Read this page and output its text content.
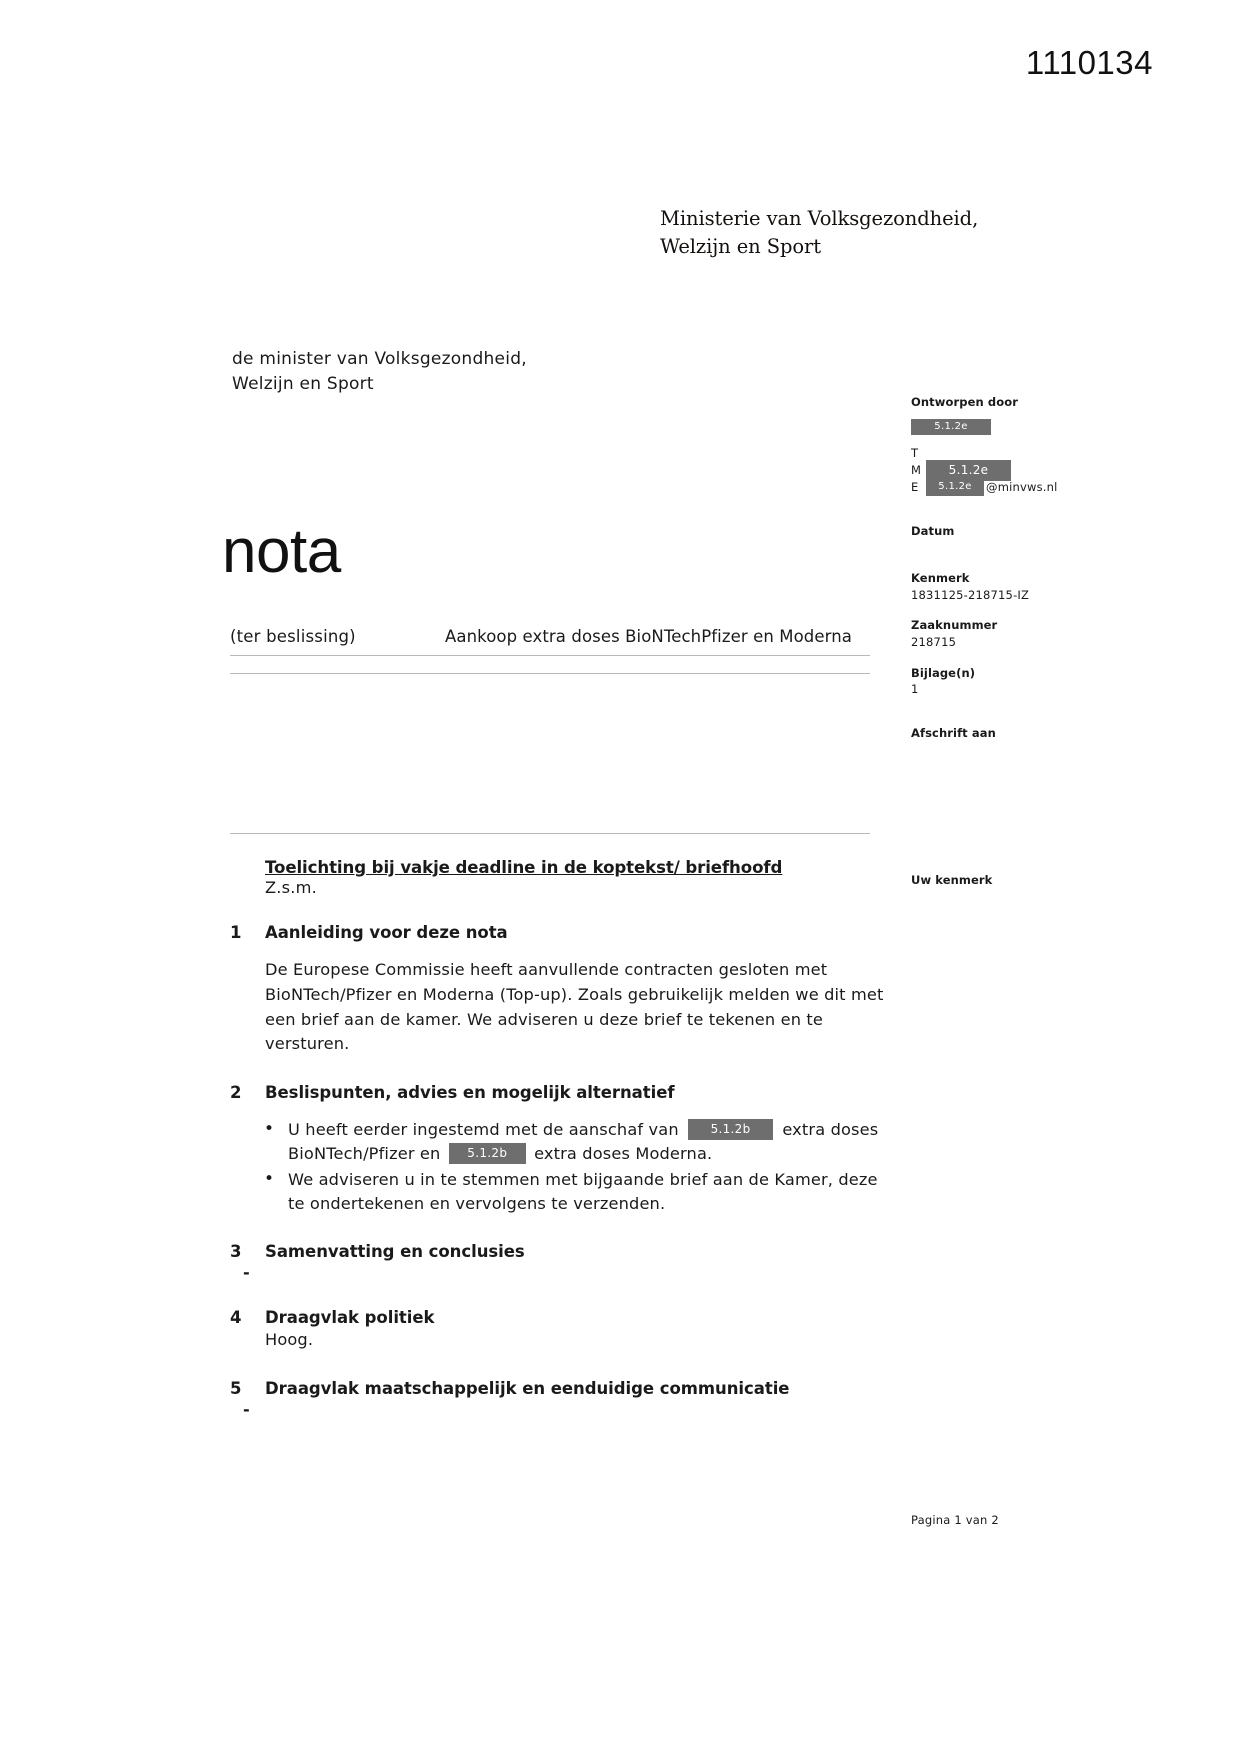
1110134
Ministerie van Volksgezondheid,
Welzijn en Sport
de minister van Volksgezondheid,
Welzijn en Sport
nota
(ter beslissing)	Aankoop extra doses BioNTechPfizer en Moderna
Ontworpen door
5.1.2e
T
M	5.1.2e
E	5.1.2e	@minvws.nl
Datum

Kenmerk
1831125-218715-IZ
Zaaknummer
218715
Bijlage(n)
1
Afschrift aan

Uw kenmerk
Toelichting bij vakje deadline in de koptekst/ briefhoofd
Z.s.m.
1 Aanleiding voor deze nota
De Europese Commissie heeft aanvullende contracten gesloten met BioNTech/Pfizer en Moderna (Top-up). Zoals gebruikelijk melden we dit met een brief aan de kamer. We adviseren u deze brief te tekenen en te versturen.
2 Beslispunten, advies en mogelijk alternatief
• U heeft eerder ingestemd met de aanschaf van	5.1.2b extra doses BioNTech/Pfizer en 5.1.2b extra doses Moderna.
• We adviseren u in te stemmen met bijgaande brief aan de Kamer, deze te ondertekenen en vervolgens te verzenden.
3 Samenvatting en conclusies
-
4 Draagvlak politiek
Hoog.
5 Draagvlak maatschappelijk en eenduidige communicatie
-
Pagina 1 van 2
